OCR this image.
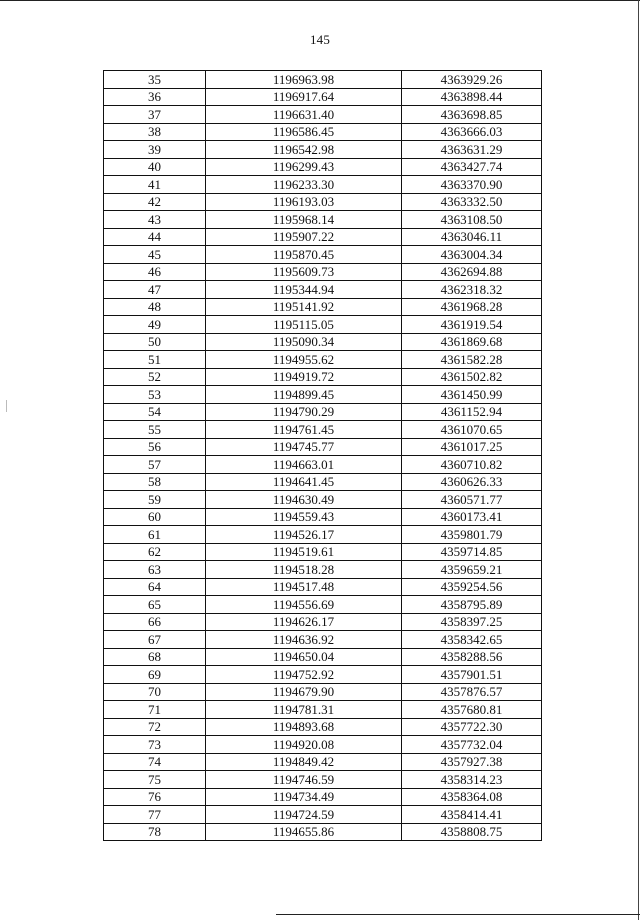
145
35	1196963.98	4363929.26
36	1196917.64	4363898.44
37	1196631.40	4363698.85
38	1196586.45	4363666.03
39	1196542.98	4363631.29
40	1196299.43	4363427.74
41	1196233.30	4363370.90
42	1196193.03	4363332.50
43	1195968.14	4363108.50
44	1195907.22	4363046.11
45	1195870.45	4363004.34
46	1195609.73	4362694.88
47	1195344.94	4362318.32
48	1195141.92	4361968.28
49	1195115.05	4361919.54
50	1195090.34	4361869.68
51	1194955.62	4361582.28
52	1194919.72	4361502.82
53	1194899.45	4361450.99
54	1194790.29	4361152.94
55	1194761.45	4361070.65
56	1194745.77	4361017.25
57	1194663.01	4360710.82
58	1194641.45	4360626.33
59	1194630.49	4360571.77
60	1194559.43	4360173.41
61	1194526.17	4359801.79
62	1194519.61	4359714.85
63	1194518.28	4359659.21
64	1194517.48	4359254.56
65	1194556.69	4358795.89
66	1194626.17	4358397.25
67	1194636.92	4358342.65
68	1194650.04	4358288.56
69	1194752.92	4357901.51
70	1194679.90	4357876.57
71	1194781.31	4357680.81
72	1194893.68	4357722.30
73	1194920.08	4357732.04
74	1194849.42	4357927.38
75	1194746.59	4358314.23
76	1194734.49	4358364.08
77	1194724.59	4358414.41
78	1194655.86	4358808.75
